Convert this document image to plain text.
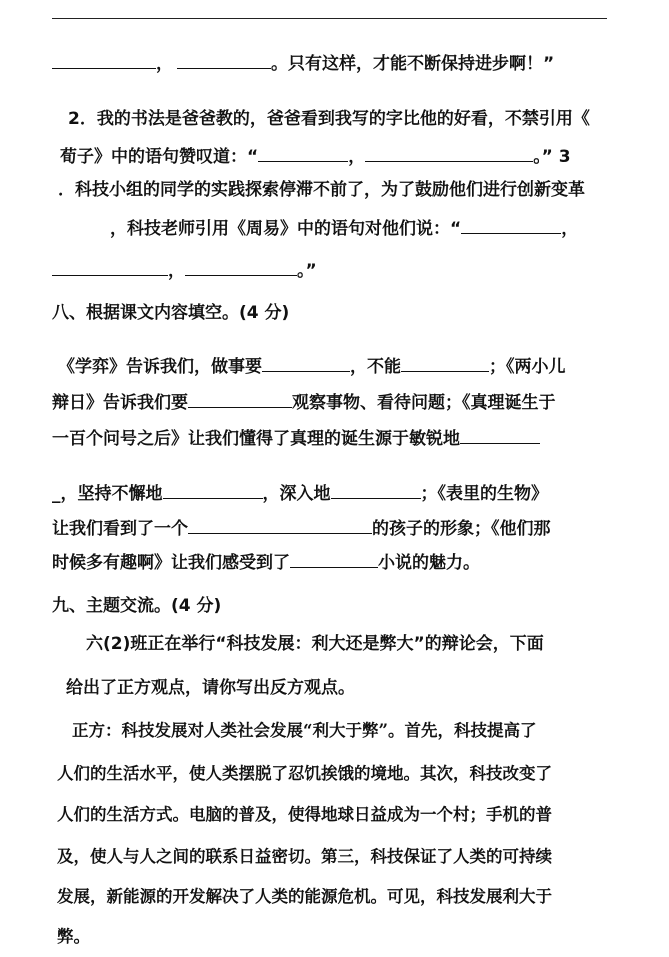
，	。只有这样，才能不断保持进步啊！”
2．我的书法是爸爸教的，爸爸看到我写的字比他的好看，不禁引用《
荀子》中的语句赞叹道：“	，	。” 3
．科技小组的同学的实践探索停滞不前了，为了鼓励他们进行创新变革
，科技老师引用《周易》中的语句对他们说：“	，
，	。”
八、根据课文内容填空。(4 分)
《学弈》告诉我们，做事要	，不能	；《两小儿
辩日》告诉我们要	观察事物、看待问题；《真理诞生于
一百个问号之后》让我们懂得了真理的诞生源于敏锐地
_，坚持不懈地	，深入地	；《表里的生物》
让我们看到了一个	的孩子的形象；《他们那
时候多有趣啊》让我们感受到了	小说的魅力。
九、主题交流。(4 分)
六(2)班正在举行“科技发展：利大还是弊大”的辩论会，下面
给出了正方观点，请你写出反方观点。
正方：科技发展对人类社会发展“利大于弊”。首先，科技提高了
人们的生活水平，使人类摆脱了忍饥挨饿的境地。其次，科技改变了
人们的生活方式。电脑的普及，使得地球日益成为一个村；手机的普
及，使人与人之间的联系日益密切。第三，科技保证了人类的可持续
发展，新能源的开发解决了人类的能源危机。可见，科技发展利大于
弊。
